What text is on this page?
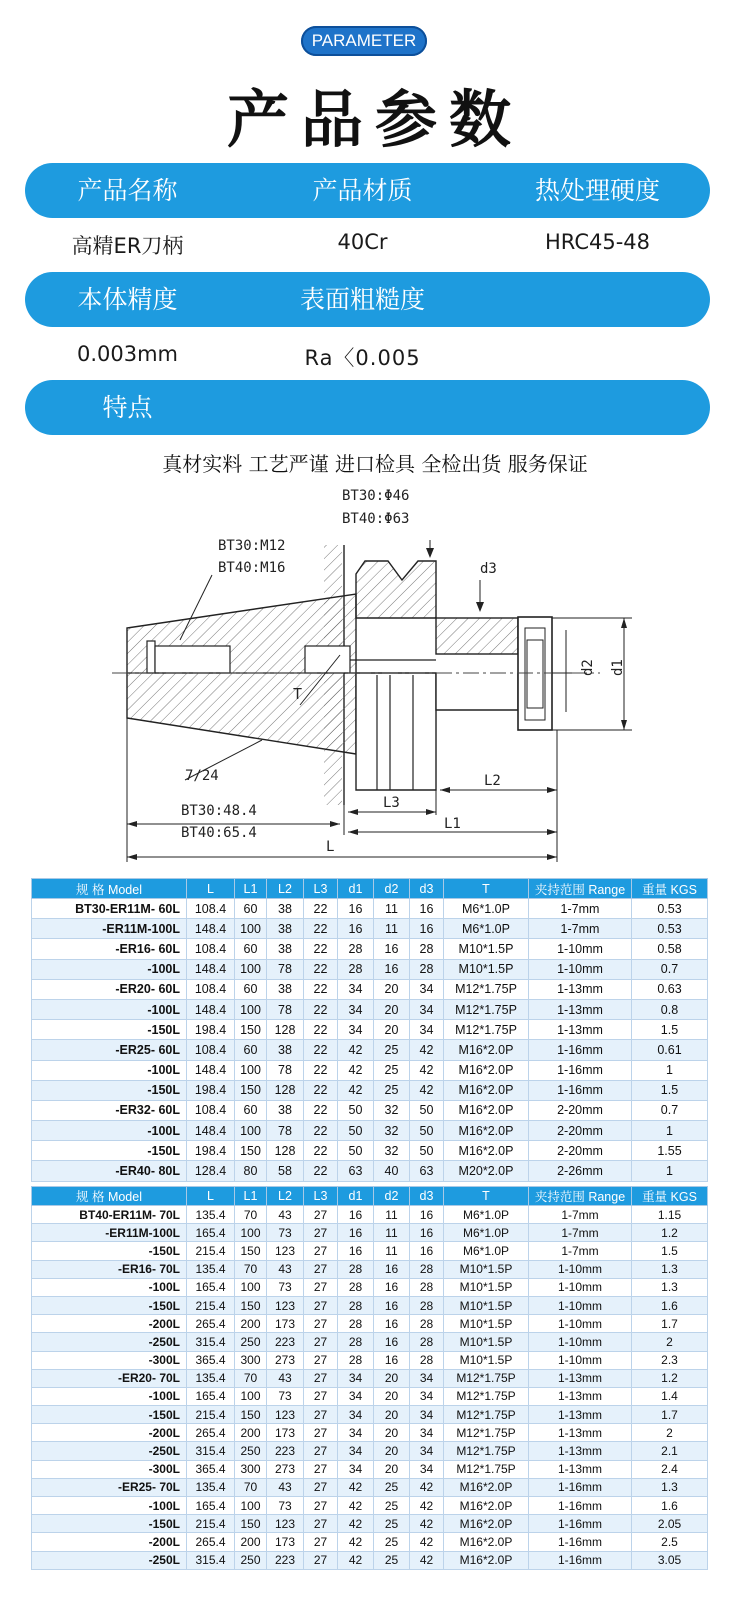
PARAMETER
产品参数
产品名称	产品材质	热处理硬度
高精ER刀柄	40Cr	HRC45-48
本体精度	表面粗糙度
0.003mm	Ra〈0.005
特点
真材实料 工艺严谨 进口检具 全检出货 服务保证
BT30:Φ46
BT40:Φ63
BT30:M12
BT40:M16	d3
T
7/24
BT30:48.4
BT40:65.4
L2
L3
L1
L
d2 d1
规 格 Model	L	L1	L2	L3	d1	d2	d3	T	夹持范围 Range	重量 KGS
BT30-ER11M- 60L	108.4	60	38	22	16	11	16	M6*1.0P	1-7mm	0.53
-ER11M-100L	148.4	100	38	22	16	11	16	M6*1.0P	1-7mm	0.53
-ER16- 60L	108.4	60	38	22	28	16	28	M10*1.5P	1-10mm	0.58
-100L	148.4	100	78	22	28	16	28	M10*1.5P	1-10mm	0.7
-ER20- 60L	108.4	60	38	22	34	20	34	M12*1.75P	1-13mm	0.63
-100L	148.4	100	78	22	34	20	34	M12*1.75P	1-13mm	0.8
-150L	198.4	150	128	22	34	20	34	M12*1.75P	1-13mm	1.5
-ER25- 60L	108.4	60	38	22	42	25	42	M16*2.0P	1-16mm	0.61
-100L	148.4	100	78	22	42	25	42	M16*2.0P	1-16mm	1
-150L	198.4	150	128	22	42	25	42	M16*2.0P	1-16mm	1.5
-ER32- 60L	108.4	60	38	22	50	32	50	M16*2.0P	2-20mm	0.7
-100L	148.4	100	78	22	50	32	50	M16*2.0P	2-20mm	1
-150L	198.4	150	128	22	50	32	50	M16*2.0P	2-20mm	1.55
-ER40- 80L	128.4	80	58	22	63	40	63	M20*2.0P	2-26mm	1
规 格 Model	L	L1	L2	L3	d1	d2	d3	T	夹持范围 Range	重量 KGS
BT40-ER11M- 70L	135.4	70	43	27	16	11	16	M6*1.0P	1-7mm	1.15
-ER11M-100L	165.4	100	73	27	16	11	16	M6*1.0P	1-7mm	1.2
-150L	215.4	150	123	27	16	11	16	M6*1.0P	1-7mm	1.5
-ER16- 70L	135.4	70	43	27	28	16	28	M10*1.5P	1-10mm	1.3
-100L	165.4	100	73	27	28	16	28	M10*1.5P	1-10mm	1.3
-150L	215.4	150	123	27	28	16	28	M10*1.5P	1-10mm	1.6
-200L	265.4	200	173	27	28	16	28	M10*1.5P	1-10mm	1.7
-250L	315.4	250	223	27	28	16	28	M10*1.5P	1-10mm	2
-300L	365.4	300	273	27	28	16	28	M10*1.5P	1-10mm	2.3
-ER20- 70L	135.4	70	43	27	34	20	34	M12*1.75P	1-13mm	1.2
-100L	165.4	100	73	27	34	20	34	M12*1.75P	1-13mm	1.4
-150L	215.4	150	123	27	34	20	34	M12*1.75P	1-13mm	1.7
-200L	265.4	200	173	27	34	20	34	M12*1.75P	1-13mm	2
-250L	315.4	250	223	27	34	20	34	M12*1.75P	1-13mm	2.1
-300L	365.4	300	273	27	34	20	34	M12*1.75P	1-13mm	2.4
-ER25- 70L	135.4	70	43	27	42	25	42	M16*2.0P	1-16mm	1.3
-100L	165.4	100	73	27	42	25	42	M16*2.0P	1-16mm	1.6
-150L	215.4	150	123	27	42	25	42	M16*2.0P	1-16mm	2.05
-200L	265.4	200	173	27	42	25	42	M16*2.0P	1-16mm	2.5
-250L	315.4	250	223	27	42	25	42	M16*2.0P	1-16mm	3.05
